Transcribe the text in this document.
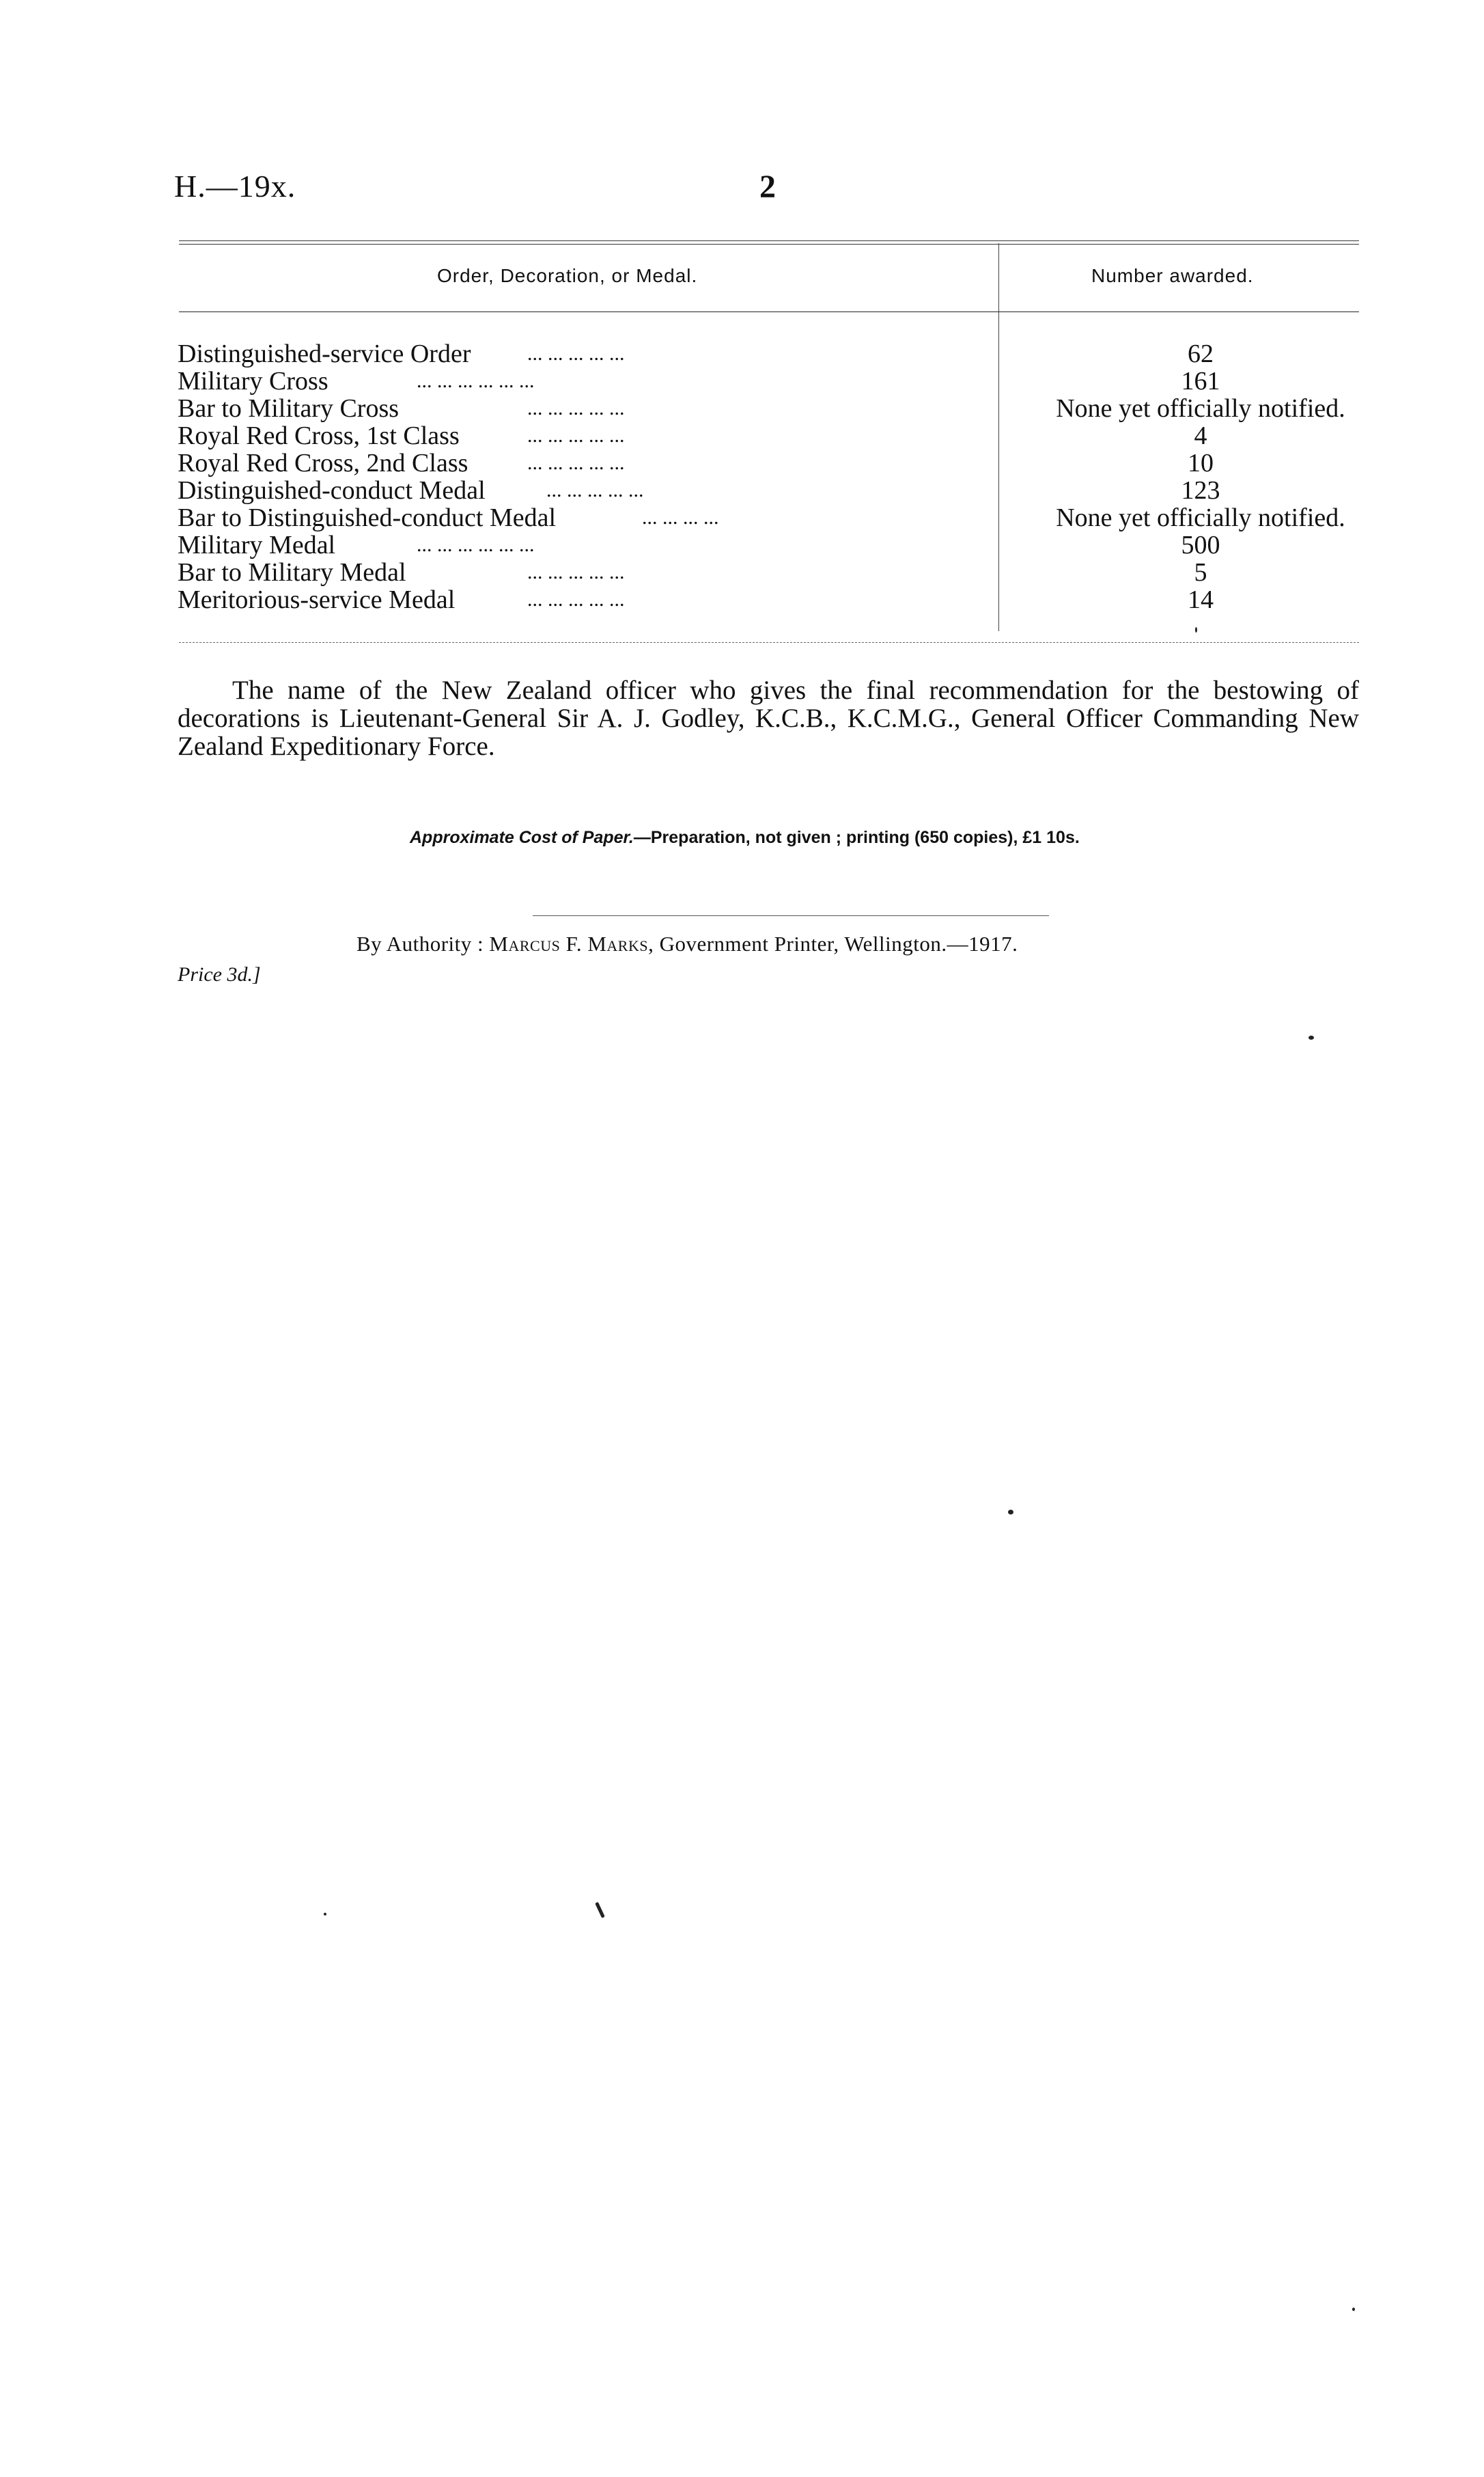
H.—19x.	2
Order, Decoration, or Medal.	Number awarded.
Distinguished-service Order	... ... ... ... ...	62
Military Cross	... ... ... ... ... ...	161
Bar to Military Cross	... ... ... ... ...	None yet officially notified.
Royal Red Cross, 1st Class	... ... ... ... ...	4
Royal Red Cross, 2nd Class	... ... ... ... ...	10
Distinguished-conduct Medal	... ... ... ... ...	123
Bar to Distinguished-conduct Medal	... ... ... ...	None yet officially notified.
Military Medal	... ... ... ... ... ...	500
Bar to Military Medal	... ... ... ... ...	5
Meritorious-service Medal	... ... ... ... ...	14
The name of the New Zealand officer who gives the final recommendation for the bestowing of decorations is Lieutenant-General Sir A. J. Godley, K.C.B., K.C.M.G., General Officer Commanding New Zealand Expeditionary Force.
Approximate Cost of Paper.—Preparation, not given ; printing (650 copies), £1 10s.
By Authority : Marcus F. Marks, Government Printer, Wellington.—1917.
Price 3d.]
